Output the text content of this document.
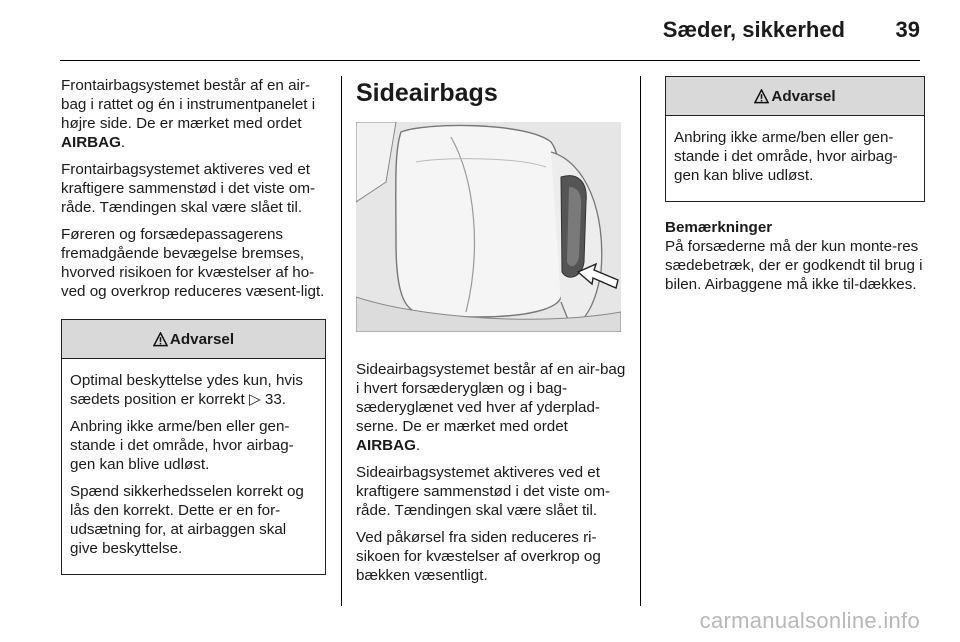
Sæder, sikkerhed 39

Frontairbagsystemet består af en air-bag i rattet og én i instrumentpanelet i højre side. De er mærket med ordet AIRBAG.

Frontairbagsystemet aktiveres ved et kraftigere sammenstød i det viste om-råde. Tændingen skal være slået til.

Føreren og forsædepassagerens fremadgående bevægelse bremses, hvorved risikoen for kvæstelser af ho-ved og overkrop reduceres væsent-ligt.

Advarsel

Optimal beskyttelse ydes kun, hvis sædets position er korrekt ▷ 33.

Anbring ikke arme/ben eller gen-stande i det område, hvor airbag-gen kan blive udløst.

Spænd sikkerhedsselen korrekt og lås den korrekt. Dette er en for-udsætning for, at airbaggen skal give beskyttelse.

Sideairbags

Sideairbagsystemet består af en air-bag i hvert forsæderyglæn og i bag-sæderyglænet ved hver af yderplad-serne. De er mærket med ordet AIRBAG.

Sideairbagsystemet aktiveres ved et kraftigere sammenstød i det viste om-råde. Tændingen skal være slået til.

Ved påkørsel fra siden reduceres ri-sikoen for kvæstelser af overkrop og bækken væsentligt.

Advarsel

Anbring ikke arme/ben eller gen-stande i det område, hvor airbag-gen kan blive udløst.

Bemærkninger
På forsæderne må der kun monte-res sædebetræk, der er godkendt til brug i bilen. Airbaggene må ikke til-dækkes.
carmanualsonline.info
